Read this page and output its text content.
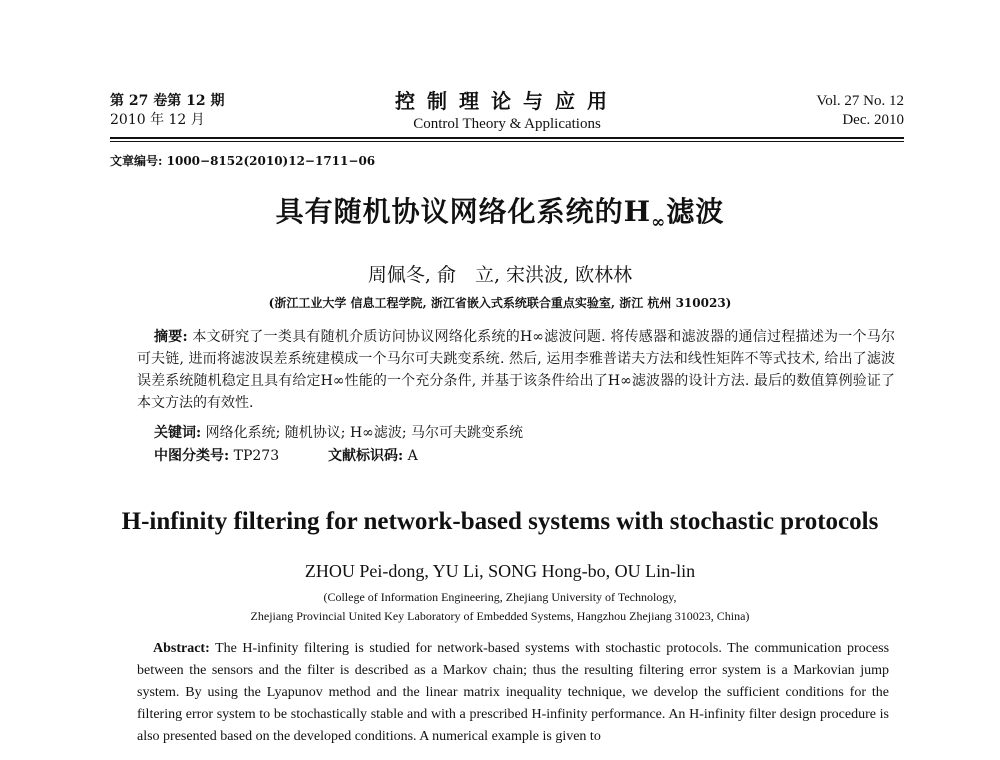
第 27 卷第 12 期
2010 年 12 月
控制理论与应用
Control Theory & Applications
Vol. 27 No. 12
Dec. 2010
文章编号: 1000−8152(2010)12−1711−06
具有随机协议网络化系统的$H_\infty$滤波
周佩冬, 俞　立, 宋洪波, 欧林林
(浙江工业大学 信息工程学院, 浙江省嵌入式系统联合重点实验室, 浙江 杭州 310023)
摘要: 本文研究了一类具有随机介质访问协议网络化系统的H∞滤波问题. 将传感器和滤波器的通信过程描述为一个马尔可夫链, 进而将滤波误差系统建模成一个马尔可夫跳变系统. 然后, 运用李雅普诺夫方法和线性矩阵不等式技术, 给出了滤波误差系统随机稳定且具有给定H∞性能的一个充分条件, 并基于该条件给出了H∞滤波器的设计方法. 最后的数值算例验证了本文方法的有效性.
关键词: 网络化系统; 随机协议; H∞滤波; 马尔可夫跳变系统
中图分类号: TP273	文献标识码: A
H-infinity filtering for network-based systems with stochastic protocols
ZHOU Pei-dong, YU Li, SONG Hong-bo, OU Lin-lin
(College of Information Engineering, Zhejiang University of Technology,
Zhejiang Provincial United Key Laboratory of Embedded Systems, Hangzhou Zhejiang 310023, China)
Abstract: The H-infinity filtering is studied for network-based systems with stochastic protocols. The communication process between the sensors and the filter is described as a Markov chain; thus the resulting filtering error system is a Markovian jump system. By using the Lyapunov method and the linear matrix inequality technique, we develop the sufficient conditions for the filtering error system to be stochastically stable and with a prescribed H-infinity performance. An H-infinity filter design procedure is also presented based on the developed conditions. A numerical example is given to
